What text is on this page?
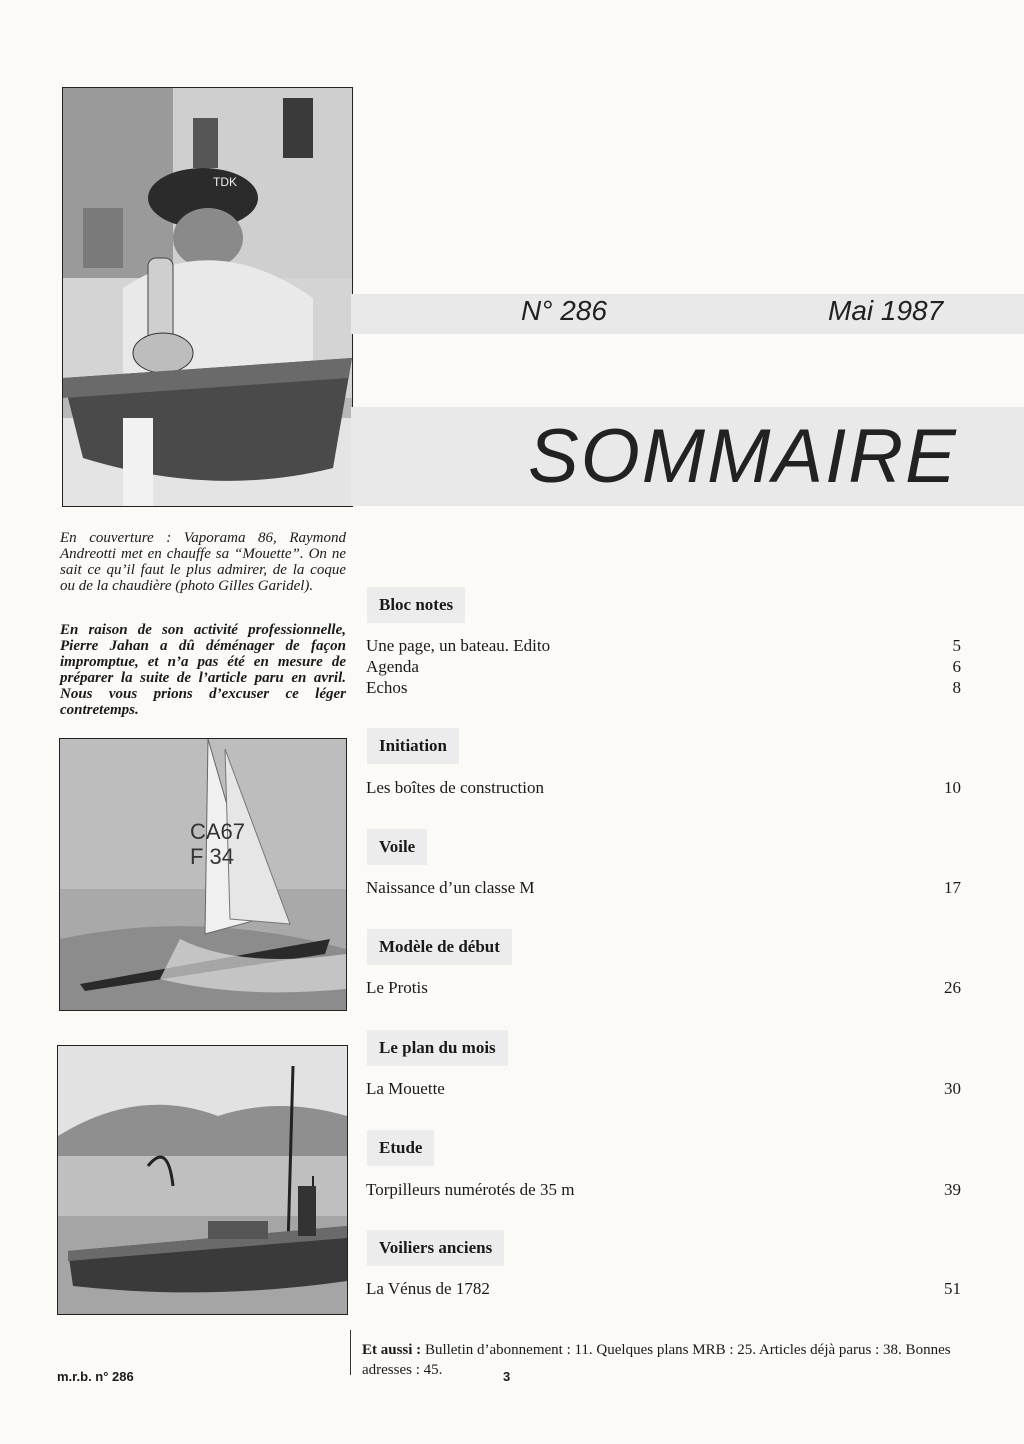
TDK
N° 286	Mai 1987
SOMMAIRE
En couverture : Vaporama 86, Raymond Andreotti met en chauffe sa “Mouette”. On ne sait ce qu’il faut le plus admirer, de la coque ou de la chaudière (photo Gilles Garidel).
En raison de son activité professionnelle, Pierre Jahan a dû déménager de façon impromptue, et n’a pas été en mesure de préparer la suite de l’article paru en avril. Nous vous prions d’excuser ce léger contretemps.
CA67
F 34
Bloc notes
Une page, un bateau. Edito	5
Agenda	6
Echos	8
Initiation
Les boîtes de construction	10
Voile
Naissance d’un classe M	17
Modèle de début
Le Protis	26
Le plan du mois
La Mouette	30
Etude
Torpilleurs numérotés de 35 m	39
Voiliers anciens
La Vénus de 1782	51
Et aussi : Bulletin d’abonnement : 11. Quelques plans MRB : 25. Articles déjà parus : 38. Bonnes adresses : 45.
m.r.b. n° 286	3
